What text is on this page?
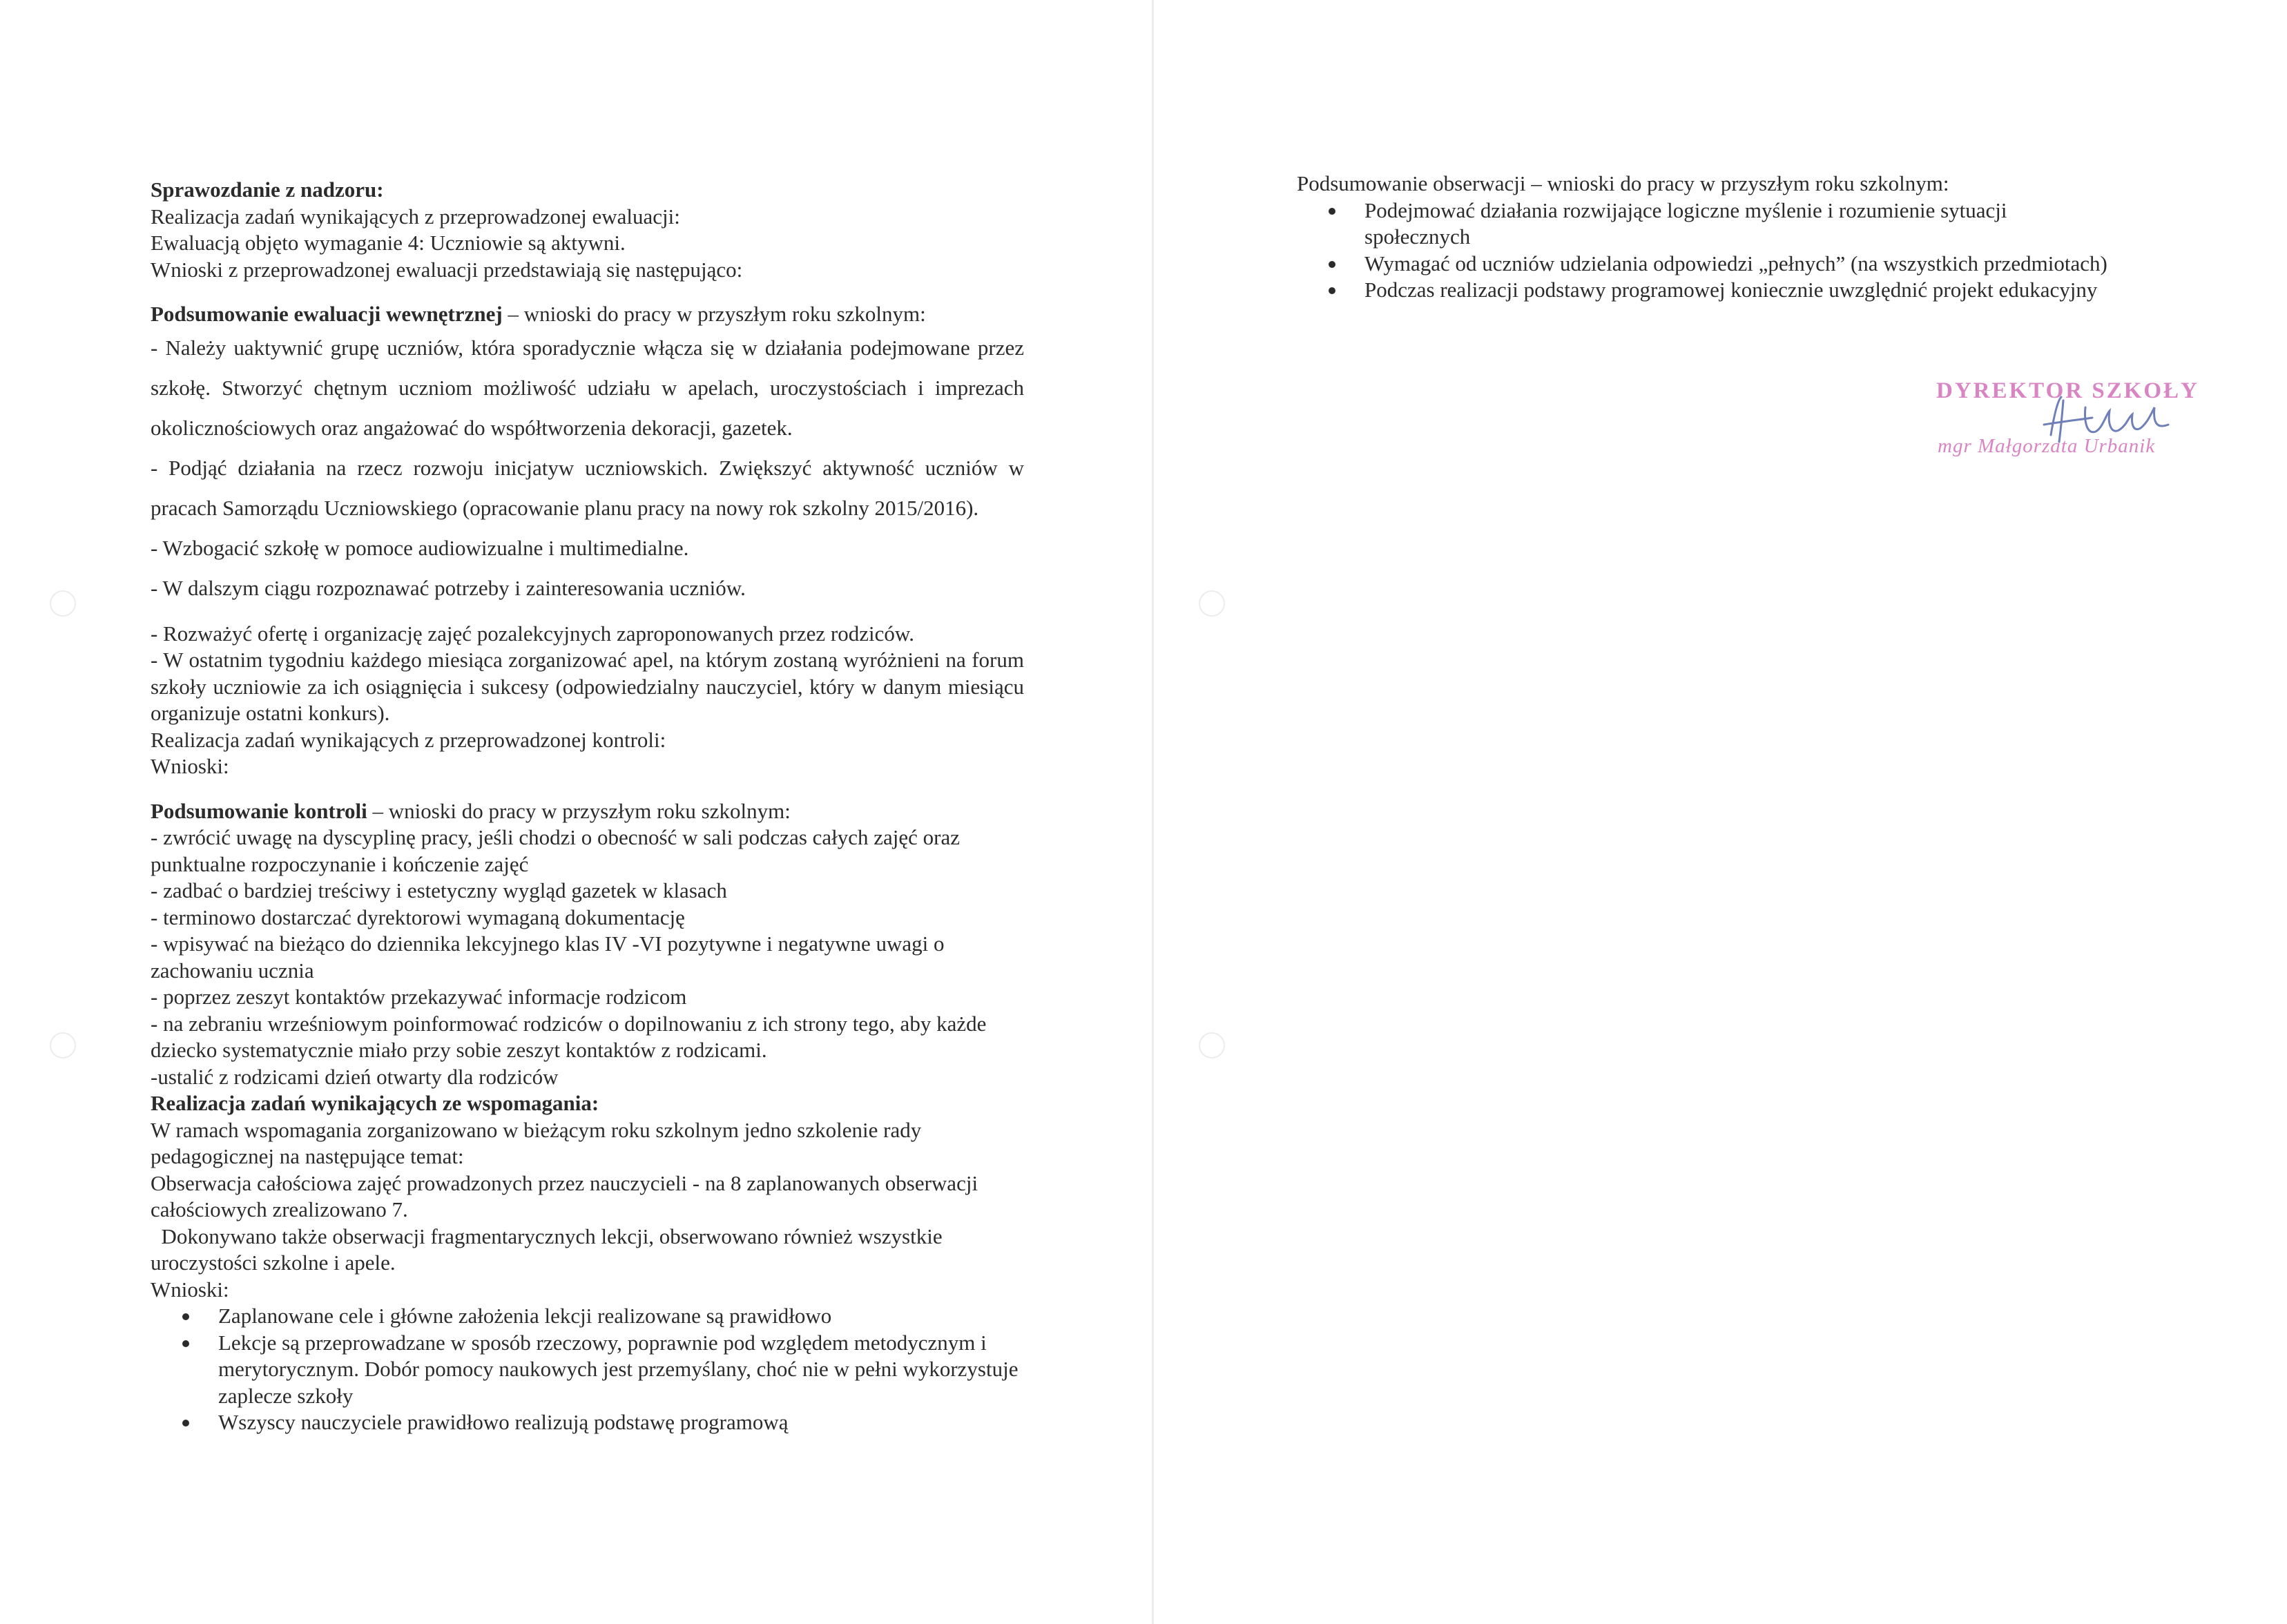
Sprawozdanie z nadzoru:

Realizacja zadań wynikających z przeprowadzonej ewaluacji:

Ewaluacją objęto wymaganie 4: Uczniowie są aktywni.

Wnioski z przeprowadzonej ewaluacji przedstawiają się następująco:

Podsumowanie ewaluacji wewnętrznej – wnioski do pracy w przyszłym roku szkolnym:

- Należy uaktywnić grupę uczniów, która sporadycznie włącza się w działania podejmowane przez szkołę. Stworzyć chętnym uczniom możliwość udziału w apelach, uroczystościach i imprezach okolicznościowych oraz angażować do współtworzenia dekoracji, gazetek.

- Podjąć działania na rzecz rozwoju inicjatyw uczniowskich. Zwiększyć aktywność uczniów w pracach Samorządu Uczniowskiego (opracowanie planu pracy na nowy rok szkolny 2015/2016).

- Wzbogacić szkołę w pomoce audiowizualne i multimedialne.

- W dalszym ciągu rozpoznawać potrzeby i zainteresowania uczniów.

- Rozważyć ofertę i organizację zajęć pozalekcyjnych zaproponowanych przez rodziców.

- W ostatnim tygodniu każdego miesiąca zorganizować apel, na którym zostaną wyróżnieni na forum szkoły uczniowie za ich osiągnięcia i sukcesy (odpowiedzialny nauczyciel, który w danym miesiącu organizuje ostatni konkurs).

Realizacja zadań wynikających z przeprowadzonej kontroli:

Wnioski:

Podsumowanie kontroli – wnioski do pracy w przyszłym roku szkolnym:

- zwrócić uwagę na dyscyplinę pracy, jeśli chodzi o obecność w sali podczas całych zajęć oraz punktualne rozpoczynanie i kończenie zajęć

- zadbać o bardziej treściwy i estetyczny wygląd gazetek w klasach

- terminowo dostarczać dyrektorowi wymaganą dokumentację

- wpisywać na bieżąco do dziennika lekcyjnego klas IV -VI pozytywne i negatywne uwagi o zachowaniu ucznia

- poprzez zeszyt kontaktów przekazywać informacje rodzicom

- na zebraniu wrześniowym poinformować rodziców o dopilnowaniu z ich strony tego, aby każde dziecko systematycznie miało przy sobie zeszyt kontaktów z rodzicami.

-ustalić z rodzicami dzień otwarty dla rodziców

Realizacja zadań wynikających ze wspomagania:

W ramach wspomagania zorganizowano w bieżącym roku szkolnym jedno szkolenie rady pedagogicznej na następujące temat:

Obserwacja całościowa zajęć prowadzonych przez nauczycieli - na 8 zaplanowanych obserwacji całościowych zrealizowano 7.

Dokonywano także obserwacji fragmentarycznych lekcji, obserwowano również wszystkie uroczystości szkolne i apele.

Wnioski:

Zaplanowane cele i główne założenia lekcji realizowane są prawidłowo
Lekcje są przeprowadzane w sposób rzeczowy, poprawnie pod względem metodycznym i merytorycznym. Dobór pomocy naukowych jest przemyślany, choć nie w pełni wykorzystuje zaplecze szkoły
Wszyscy nauczyciele prawidłowo realizują podstawę programową

Podsumowanie obserwacji – wnioski do pracy w przyszłym roku szkolnym:

Podejmować działania rozwijające logiczne myślenie i rozumienie sytuacji społecznych
Wymagać od uczniów udzielania odpowiedzi „pełnych” (na wszystkich przedmiotach)
Podczas realizacji podstawy programowej koniecznie uwzględnić projekt edukacyjny
DYREKTOR SZKOŁY
mgr Małgorzata Urbanik
